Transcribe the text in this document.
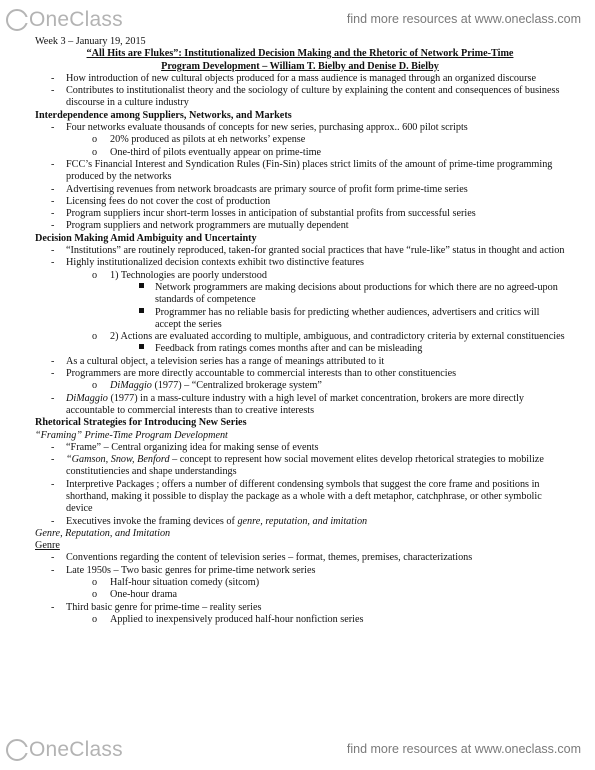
OneClass	find more resources at www.oneclass.com
Week 3 – January 19, 2015
“All Hits are Flukes”: Institutionalized Decision Making and the Rhetoric of Network Prime-Time
Program Development – William T. Bielby and Denise D. Bielby
- How introduction of new cultural objects produced for a mass audience is managed through an organized discourse
- Contributes to institutionalist theory and the sociology of culture by explaining the content and consequences of business discourse in a culture industry
Interdependence among Suppliers, Networks, and Markets
- Four networks evaluate thousands of concepts for new series, purchasing approx.. 600 pilot scripts
o 20% produced as pilots at eh networks’ expense
o One-third of pilots eventually appear on prime-time
- FCC’s Financial Interest and Syndication Rules (Fin-Sin) places strict limits of the amount of prime-time programming produced by the networks
- Advertising revenues from network broadcasts are primary source of profit form prime-time series
- Licensing fees do not cover the cost of production
- Program suppliers incur short-term losses in anticipation of substantial profits from successful series
- Program suppliers and network programmers are mutually dependent
Decision Making Amid Ambiguity and Uncertainty
- “Institutions” are routinely reproduced, taken-for granted social practices that have “rule-like” status in thought and action
- Highly institutionalized decision contexts exhibit two distinctive features
o 1) Technologies are poorly understood
Network programmers are making decisions about productions for which there are no agreed-upon standards of competence
Programmer has no reliable basis for predicting whether audiences, advertisers and critics will accept the series
o 2) Actions are evaluated according to multiple, ambiguous, and contradictory criteria by external constituencies
Feedback from ratings comes months after and can be misleading
- As a cultural object, a television series has a range of meanings attributed to it
- Programmers are more directly accountable to commercial interests than to other constituencies
o DiMaggio (1977) – “Centralized brokerage system”
- DiMaggio (1977) in a mass-culture industry with a high level of market concentration, brokers are more directly accountable to commercial interests than to creative interests
Rhetorical Strategies for Introducing New Series
“Framing” Prime-Time Program Development
- “Frame” – Central organizing idea for making sense of events
- “Gamson, Snow, Benford – concept to represent how social movement elites develop rhetorical strategies to mobilize constitutiencies and shape understandings
- Interpretive Packages ; offers a number of different condensing symbols that suggest the core frame and positions in shorthand, making it possible to display the package as a whole with a deft metaphor, catchphrase, or other symbolic device
- Executives invoke the framing devices of genre, reputation, and imitation
Genre, Reputation, and Imitation
Genre
- Conventions regarding the content of television series – format, themes, premises, characterizations
- Late 1950s – Two basic genres for prime-time network series
o Half-hour situation comedy (sitcom)
o One-hour drama
- Third basic genre for prime-time – reality series
o Applied to inexpensively produced half-hour nonfiction series
OneClass	find more resources at www.oneclass.com
